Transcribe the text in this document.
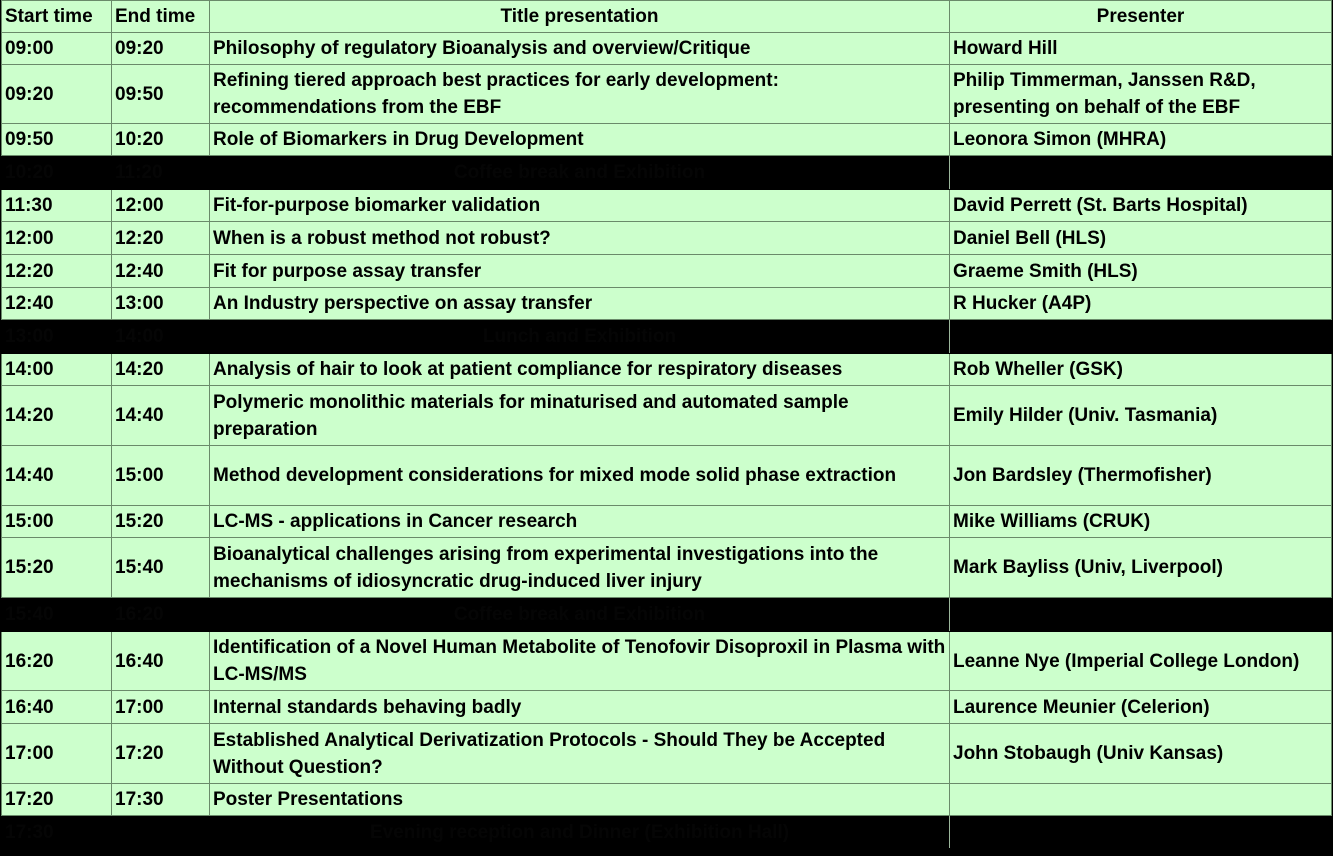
Start time	End time	Title presentation	Presenter
09:00	09:20	Philosophy of regulatory Bioanalysis and overview/Critique	Howard Hill
09:20	09:50	Refining tiered approach best practices for early development: recommendations from the EBF	Philip Timmerman, Janssen R&D, presenting on behalf of the EBF
09:50	10:20	Role of Biomarkers in Drug Development	Leonora Simon (MHRA)
10:20	11:20	Coffee break and Exhibition	
11:30	12:00	Fit-for-purpose biomarker validation	David Perrett (St. Barts Hospital)
12:00	12:20	When is a robust method not robust?	Daniel Bell (HLS)
12:20	12:40	Fit for purpose assay transfer	Graeme Smith (HLS)
12:40	13:00	An Industry perspective on assay transfer	R Hucker (A4P)
13:00	14:00	Lunch and Exhibition	
14:00	14:20	Analysis of hair to look at patient compliance for respiratory diseases	Rob Wheller (GSK)
14:20	14:40	Polymeric monolithic materials for minaturised and automated sample preparation	Emily Hilder (Univ. Tasmania)
14:40	15:00	Method development considerations for mixed mode solid phase extraction	Jon Bardsley (Thermofisher)
15:00	15:20	LC-MS - applications in Cancer research	Mike Williams (CRUK)
15:20	15:40	Bioanalytical challenges arising from experimental investigations into the mechanisms of idiosyncratic drug-induced liver injury	Mark Bayliss (Univ, Liverpool)
15:40	16:20	Coffee break and Exhibition	
16:20	16:40	Identification of a Novel Human Metabolite of Tenofovir Disoproxil in Plasma with LC-MS/MS	Leanne Nye (Imperial College London)
16:40	17:00	Internal standards behaving badly	Laurence Meunier (Celerion)
17:00	17:20	Established Analytical Derivatization Protocols - Should They be Accepted Without Question?	John Stobaugh (Univ Kansas)
17:20	17:30	Poster Presentations	
17:30		Evening reception and Dinner (Exhibition Hall)	
